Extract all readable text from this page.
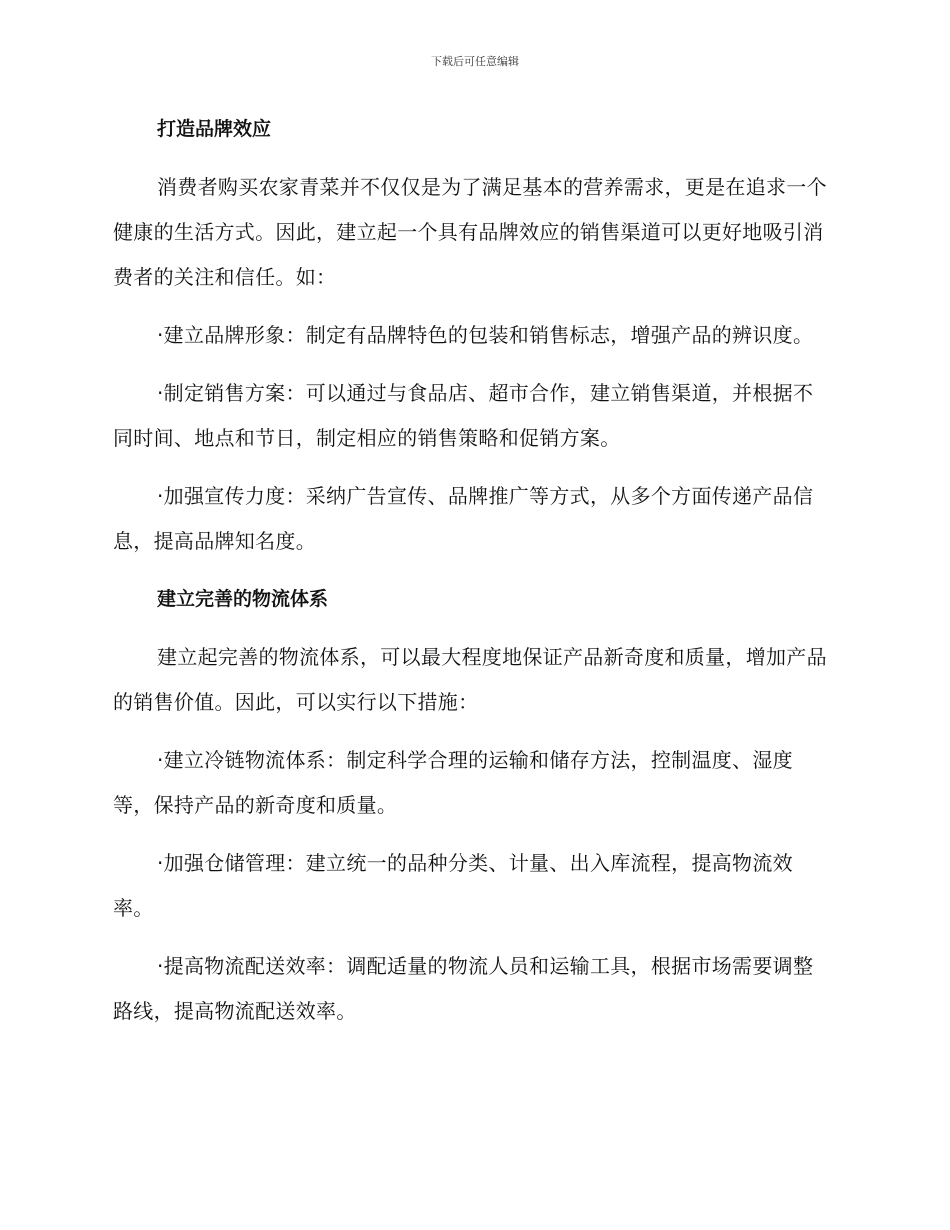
下载后可任意编辑
打造品牌效应

消费者购买农家青菜并不仅仅是为了满足基本的营养需求，更是在追求一个健康的生活方式。因此，建立起一个具有品牌效应的销售渠道可以更好地吸引消费者的关注和信任。如：

·建立品牌形象：制定有品牌特色的包装和销售标志，增强产品的辨识度。

·制定销售方案：可以通过与食品店、超市合作，建立销售渠道，并根据不同时间、地点和节日，制定相应的销售策略和促销方案。

·加强宣传力度：采纳广告宣传、品牌推广等方式，从多个方面传递产品信息，提高品牌知名度。

建立完善的物流体系

建立起完善的物流体系，可以最大程度地保证产品新奇度和质量，增加产品的销售价值。因此，可以实行以下措施：

·建立冷链物流体系：制定科学合理的运输和储存方法，控制温度、湿度等，保持产品的新奇度和质量。

·加强仓储管理：建立统一的品种分类、计量、出入库流程，提高物流效率。

·提高物流配送效率：调配适量的物流人员和运输工具，根据市场需要调整路线，提高物流配送效率。
